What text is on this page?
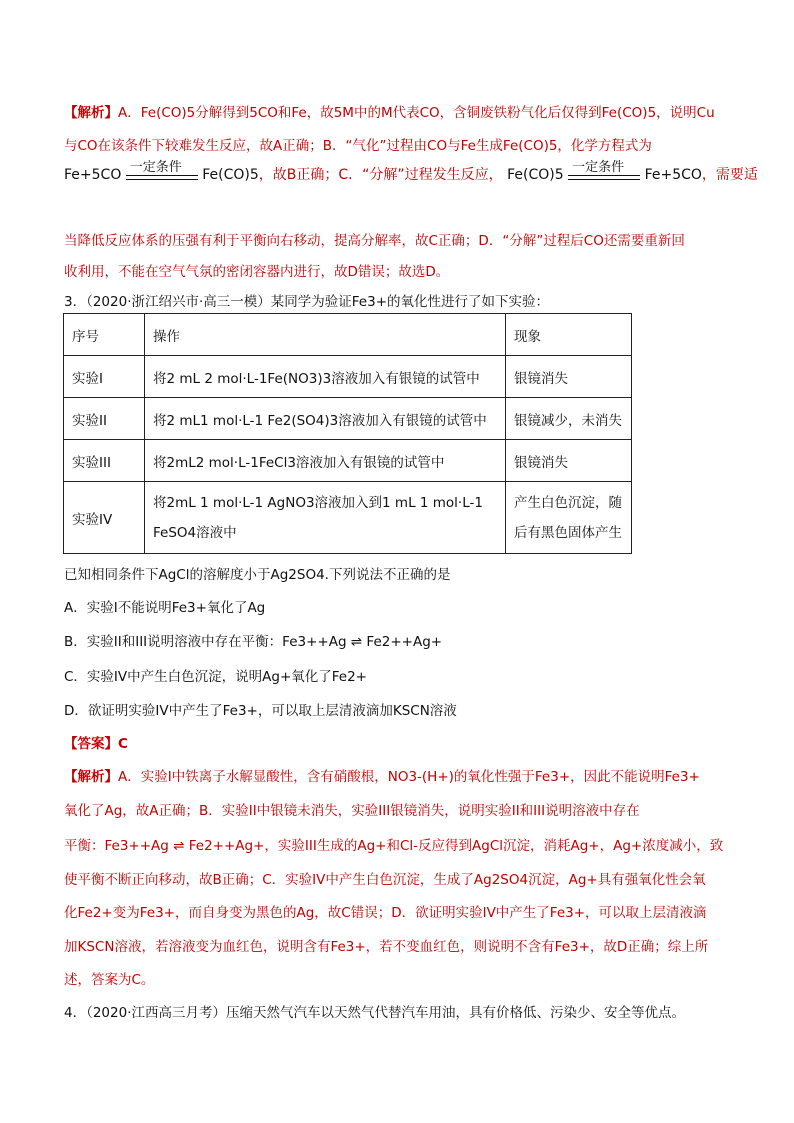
【解析】A．Fe(CO)5分解得到5CO和Fe，故5M中的M代表CO，含铜废铁粉气化后仅得到Fe(CO)5，说明Cu
与CO在该条件下较难发生反应，故A正确；B．“气化”过程由CO与Fe生成Fe(CO)5，化学方程式为
Fe+5CO 一定条件 Fe(CO)5，故B正确；C．“分解”过程发生反应， Fe(CO)5 一定条件 Fe+5CO，需要适
当降低反应体系的压强有利于平衡向右移动，提高分解率，故C正确；D．“分解”过程后CO还需要重新回
收利用，不能在空气气氛的密闭容器内进行，故D错误；故选D。
3．（2020·浙江绍兴市·高三一模）某同学为验证Fe3+的氧化性进行了如下实验：
序号	操作	现象
实验I	将2 mL 2 mol·L-1Fe(NO3)3溶液加入有银镜的试管中	银镜消失
实验II	将2 mL1 mol·L-1 Fe2(SO4)3溶液加入有银镜的试管中	银镜减少，未消失
实验III	将2mL2 mol·L-1FeCl3溶液加入有银镜的试管中	银镜消失
实验IV	将2mL 1 mol·L-1 AgNO3溶液加入到1 mL 1 mol·L-1 FeSO4溶液中	产生白色沉淀，随后有黑色固体产生
已知相同条件下AgCl的溶解度小于Ag2SO4.下列说法不正确的是
A．实验I不能说明Fe3+氧化了Ag
B．实验II和III说明溶液中存在平衡：Fe3++Ag ⇌ Fe2++Ag+
C．实验IV中产生白色沉淀，说明Ag+氧化了Fe2+
D．欲证明实验IV中产生了Fe3+，可以取上层清液滴加KSCN溶液
【答案】C
【解析】A．实验I中铁离子水解显酸性，含有硝酸根，NO3-(H+)的氧化性强于Fe3+，因此不能说明Fe3+
氧化了Ag，故A正确；B．实验II中银镜未消失，实验III银镜消失，说明实验II和III说明溶液中存在
平衡：Fe3++Ag ⇌ Fe2++Ag+，实验III生成的Ag+和Cl-反应得到AgCl沉淀，消耗Ag+，Ag+浓度减小，致
使平衡不断正向移动，故B正确；C．实验IV中产生白色沉淀，生成了Ag2SO4沉淀，Ag+具有强氧化性会氧
化Fe2+变为Fe3+，而自身变为黑色的Ag，故C错误；D．欲证明实验IV中产生了Fe3+，可以取上层清液滴
加KSCN溶液，若溶液变为血红色，说明含有Fe3+，若不变血红色，则说明不含有Fe3+，故D正确；综上所
述，答案为C。
4．（2020·江西高三月考）压缩天然气汽车以天然气代替汽车用油，具有价格低、污染少、安全等优点。
